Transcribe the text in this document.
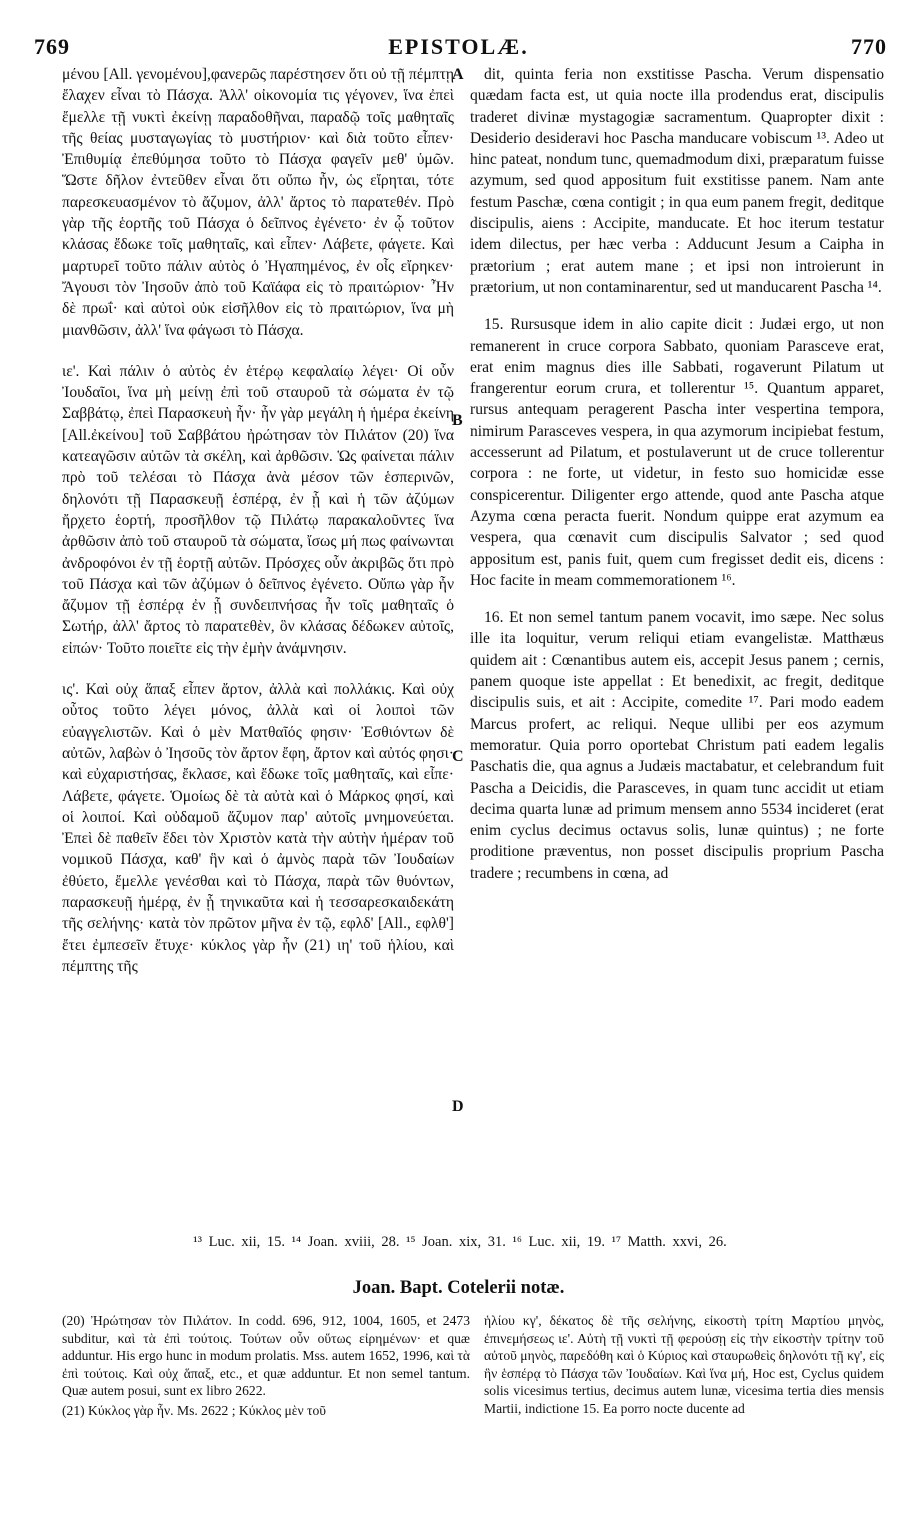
769	EPISTOLÆ.	770

μένου [All. γενομένου],φανερῶς παρέστησεν ὅτι οὐ τῇ πέμπτῃ ἔλαχεν εἶναι τὸ Πάσχα. Ἀλλ' οἰκονομία τις γέγονεν, ἵνα ἐπεὶ ἔμελλε τῇ νυκτὶ ἐκείνῃ παραδοθῆναι, παραδῷ τοῖς μαθηταῖς τῆς θείας μυσταγωγίας τὸ μυστήριον· καὶ διὰ τοῦτο εἶπεν· Ἐπιθυμίᾳ ἐπεθύμησα τοῦτο τὸ Πάσχα φαγεῖν μεθ' ὑμῶν. Ὥστε δῆλον ἐντεῦθεν εἶναι ὅτι οὔπω ἦν, ὡς εἴρηται, τότε παρεσκευασμένον τὸ ἄζυμον, ἀλλ' ἄρτος τὸ παρατεθέν. Πρὸ γὰρ τῆς ἑορτῆς τοῦ Πάσχα ὁ δεῖπνος ἐγένετο· ἐν ᾧ τοῦτον κλάσας ἔδωκε τοῖς μαθηταῖς, καὶ εἶπεν· Λάβετε, φάγετε. Καὶ μαρτυρεῖ τοῦτο πάλιν αὐτὸς ὁ Ἠγαπημένος, ἐν οἷς εἴρηκεν· Ἄγουσι τὸν Ἰησοῦν ἀπὸ τοῦ Καϊάφα εἰς τὸ πραιτώριον· Ἦν δὲ πρωΐ· καὶ αὐτοὶ οὐκ εἰσῆλθον εἰς τὸ πραιτώριον, ἵνα μὴ μιανθῶσιν, ἀλλ' ἵνα φάγωσι τὸ Πάσχα.

ιε'. Καὶ πάλιν ὁ αὐτὸς ἐν ἑτέρῳ κεφαλαίῳ λέγει· Οἱ οὖν Ἰουδαῖοι, ἵνα μὴ μείνῃ ἐπὶ τοῦ σταυροῦ τὰ σώματα ἐν τῷ Σαββάτῳ, ἐπεὶ Παρασκευὴ ἦν· ἦν γὰρ μεγάλη ἡ ἡμέρα ἐκείνη [All.ἐκείνου] τοῦ Σαββάτου ἠρώτησαν τὸν Πιλάτον (20) ἵνα κατεαγῶσιν αὐτῶν τὰ σκέλη, καὶ ἀρθῶσιν. Ὡς φαίνεται πάλιν πρὸ τοῦ τελέσαι τὸ Πάσχα ἀνὰ μέσον τῶν ἑσπερινῶν, δηλονότι τῇ Παρασκευῇ ἑσπέρᾳ, ἐν ᾗ καὶ ἡ τῶν ἀζύμων ἤρχετο ἑορτή, προσῆλθον τῷ Πιλάτῳ παρακαλοῦντες ἵνα ἀρθῶσιν ἀπὸ τοῦ σταυροῦ τὰ σώματα, ἴσως μή πως φαίνωνται ἀνδροφόνοι ἐν τῇ ἑορτῇ αὐτῶν. Πρόσχες οὖν ἀκριβῶς ὅτι πρὸ τοῦ Πάσχα καὶ τῶν ἀζύμων ὁ δεῖπνος ἐγένετο. Οὔπω γὰρ ἦν ἄζυμον τῇ ἑσπέρᾳ ἐν ᾗ συνδειπνήσας ἦν τοῖς μαθηταῖς ὁ Σωτήρ, ἀλλ' ἄρτος τὸ παρατεθὲν, ὃν κλάσας δέδωκεν αὐτοῖς, εἰπών· Τοῦτο ποιεῖτε εἰς τὴν ἐμὴν ἀνάμνησιν.

ις'. Καὶ οὐχ ἅπαξ εἶπεν ἄρτον, ἀλλὰ καὶ πολλάκις. Καὶ οὐχ οὗτος τοῦτο λέγει μόνος, ἀλλὰ καὶ οἱ λοιποὶ τῶν εὐαγγελιστῶν. Καὶ ὁ μὲν Ματθαῖός φησιν· Ἐσθιόντων δὲ αὐτῶν, λαβὼν ὁ Ἰησοῦς τὸν ἄρτον ἔφη, ἄρτον καὶ αὐτός φησι· καὶ εὐχαριστήσας, ἔκλασε, καὶ ἔδωκε τοῖς μαθηταῖς, καὶ εἶπε· Λάβετε, φάγετε. Ὁμοίως δὲ τὰ αὐτὰ καὶ ὁ Μάρκος φησί, καὶ οἱ λοιποί. Καὶ οὐδαμοῦ ἄζυμον παρ' αὐτοῖς μνημονεύεται. Ἐπεὶ δὲ παθεῖν ἔδει τὸν Χριστὸν κατὰ τὴν αὐτὴν ἡμέραν τοῦ νομικοῦ Πάσχα, καθ' ἣν καὶ ὁ ἀμνὸς παρὰ τῶν Ἰουδαίων ἐθύετο, ἔμελλε γενέσθαι καὶ τὸ Πάσχα, παρὰ τῶν θυόντων, παρασκευῇ ἡμέρᾳ, ἐν ᾗ τηνικαῦτα καὶ ἡ τεσσαρεσκαιδεκάτη τῆς σελήνης· κατὰ τὸν πρῶτον μῆνα ἐν τῷ, εφλδ' [All., εφλθ'] ἔτει ἐμπεσεῖν ἔτυχε· κύκλος γὰρ ἦν (21) ιη' τοῦ ἡλίου, καὶ πέμπτης τῆς

A
B
C
D

dit, quinta feria non exstitisse Pascha. Verum dispensatio quædam facta est, ut quia nocte illa prodendus erat, discipulis traderet divinæ mystagogiæ sacramentum. Quapropter dixit : Desiderio desideravi hoc Pascha manducare vobiscum ¹³. Adeo ut hinc pateat, nondum tunc, quemadmodum dixi, præparatum fuisse azymum, sed quod appositum fuit exstitisse panem. Nam ante festum Paschæ, cœna contigit ; in qua eum panem fregit, deditque discipulis, aiens : Accipite, manducate. Et hoc iterum testatur idem dilectus, per hæc verba : Adducunt Jesum a Caipha in prætorium ; erat autem mane ; et ipsi non introierunt in prætorium, ut non contaminarentur, sed ut manducarent Pascha ¹⁴.

15. Rursusque idem in alio capite dicit : Judæi ergo, ut non remanerent in cruce corpora Sabbato, quoniam Parasceve erat, erat enim magnus dies ille Sabbati, rogaverunt Pilatum ut frangerentur eorum crura, et tollerentur ¹⁵. Quantum apparet, rursus antequam peragerent Pascha inter vespertina tempora, nimirum Parasceves vespera, in qua azymorum incipiebat festum, accesserunt ad Pilatum, et postulaverunt ut de cruce tollerentur corpora : ne forte, ut videtur, in festo suo homicidæ esse conspicerentur. Diligenter ergo attende, quod ante Pascha atque Azyma cœna peracta fuerit. Nondum quippe erat azymum ea vespera, qua cœnavit cum discipulis Salvator ; sed quod appositum est, panis fuit, quem cum fregisset dedit eis, dicens : Hoc facite in meam commemorationem ¹⁶.

16. Et non semel tantum panem vocavit, imo sæpe. Nec solus ille ita loquitur, verum reliqui etiam evangelistæ. Matthæus quidem ait : Cœnantibus autem eis, accepit Jesus panem ; cernis, panem quoque iste appellat : Et benedixit, ac fregit, deditque discipulis suis, et ait : Accipite, comedite ¹⁷. Pari modo eadem Marcus profert, ac reliqui. Neque ullibi per eos azymum memoratur. Quia porro oportebat Christum pati eadem legalis Paschatis die, qua agnus a Judæis mactabatur, et celebrandum fuit Pascha a Deicidis, die Parasceves, in quam tunc accidit ut etiam decima quarta lunæ ad primum mensem anno 5534 incideret (erat enim cyclus decimus octavus solis, lunæ quintus) ; ne forte proditione præventus, non posset discipulis proprium Pascha tradere ; recumbens in cœna, ad

¹³ Luc. xii, 15. ¹⁴ Joan. xviii, 28. ¹⁵ Joan. xix, 31. ¹⁶ Luc. xii, 19. ¹⁷ Matth. xxvi, 26.
Joan. Bapt. Cotelerii notæ.

(20) Ἠρώτησαν τὸν Πιλάτον. In codd. 696, 912, 1004, 1605, et 2473 subditur, καὶ τὰ ἐπὶ τούτοις. Τούτων οὖν οὕτως εἰρημένων· et quæ adduntur. His ergo hunc in modum prolatis. Mss. autem 1652, 1996, καὶ τὰ ἐπὶ τούτοις. Καὶ οὐχ ἅπαξ, etc., et quæ adduntur. Et non semel tantum. Quæ autem posui, sunt ex libro 2622.

(21) Κύκλος γὰρ ἦν. Ms. 2622 ; Κύκλος μὲν τοῦ

ἡλίου κγ', δέκατος δὲ τῆς σελήνης, εἰκοστὴ τρίτη Μαρτίου μηνὸς, ἐπινεμήσεως ιε'. Αὐτὴ τῇ νυκτὶ τῇ φερούσῃ εἰς τὴν εἰκοστὴν τρίτην τοῦ αὐτοῦ μηνὸς, παρεδόθη καὶ ὁ Κύριος καὶ σταυρωθεὶς δηλονότι τῇ κγ', εἰς ἣν ἑσπέρᾳ τὸ Πάσχα τῶν Ἰουδαίων. Καὶ ἵνα μή, Hoc est, Cyclus quidem solis vicesimus tertius, decimus autem lunæ, vicesima tertia dies mensis Martii, indictione 15. Ea porro nocte ducente ad
